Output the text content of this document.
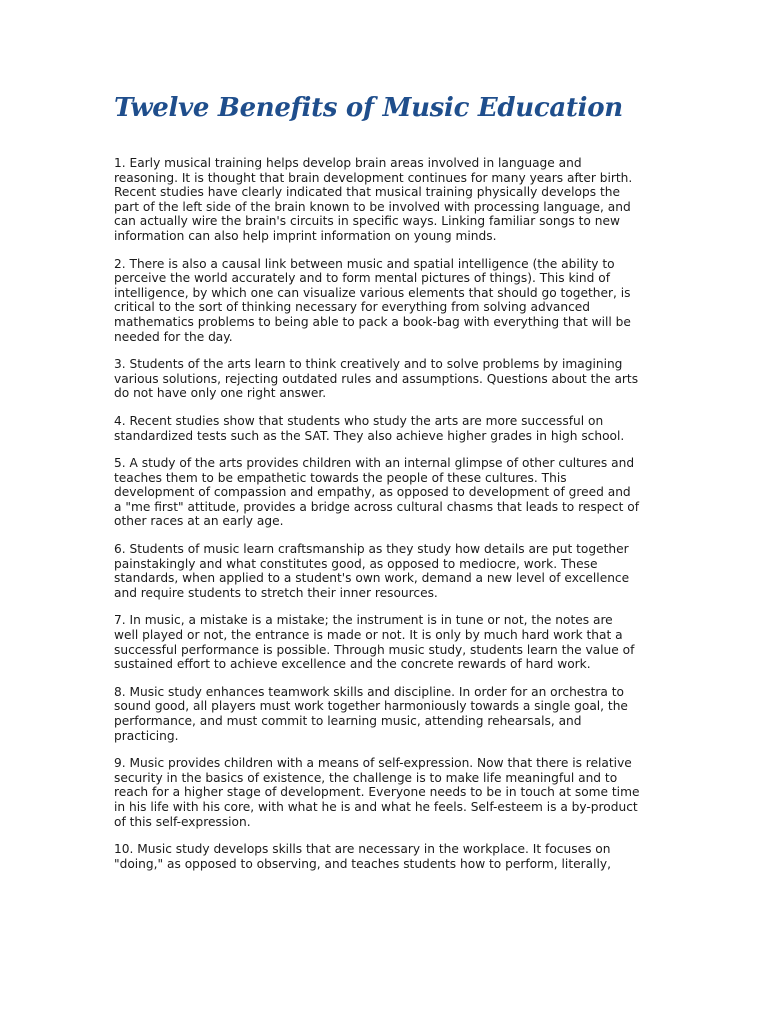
Twelve Benefits of Music Education

1. Early musical training helps develop brain areas involved in language and
reasoning. It is thought that brain development continues for many years after birth.
Recent studies have clearly indicated that musical training physically develops the
part of the left side of the brain known to be involved with processing language, and
can actually wire the brain's circuits in specific ways. Linking familiar songs to new
information can also help imprint information on young minds.

2. There is also a causal link between music and spatial intelligence (the ability to
perceive the world accurately and to form mental pictures of things). This kind of
intelligence, by which one can visualize various elements that should go together, is
critical to the sort of thinking necessary for everything from solving advanced
mathematics problems to being able to pack a book-bag with everything that will be
needed for the day.

3. Students of the arts learn to think creatively and to solve problems by imagining
various solutions, rejecting outdated rules and assumptions. Questions about the arts
do not have only one right answer.

4. Recent studies show that students who study the arts are more successful on
standardized tests such as the SAT. They also achieve higher grades in high school.

5. A study of the arts provides children with an internal glimpse of other cultures and
teaches them to be empathetic towards the people of these cultures. This
development of compassion and empathy, as opposed to development of greed and
a "me first" attitude, provides a bridge across cultural chasms that leads to respect of
other races at an early age.

6. Students of music learn craftsmanship as they study how details are put together
painstakingly and what constitutes good, as opposed to mediocre, work. These
standards, when applied to a student's own work, demand a new level of excellence
and require students to stretch their inner resources.

7. In music, a mistake is a mistake; the instrument is in tune or not, the notes are
well played or not, the entrance is made or not. It is only by much hard work that a
successful performance is possible. Through music study, students learn the value of
sustained effort to achieve excellence and the concrete rewards of hard work.

8. Music study enhances teamwork skills and discipline. In order for an orchestra to
sound good, all players must work together harmoniously towards a single goal, the
performance, and must commit to learning music, attending rehearsals, and
practicing.

9. Music provides children with a means of self-expression. Now that there is relative
security in the basics of existence, the challenge is to make life meaningful and to
reach for a higher stage of development. Everyone needs to be in touch at some time
in his life with his core, with what he is and what he feels. Self-esteem is a by-product
of this self-expression.

10. Music study develops skills that are necessary in the workplace. It focuses on
"doing," as opposed to observing, and teaches students how to perform, literally,
